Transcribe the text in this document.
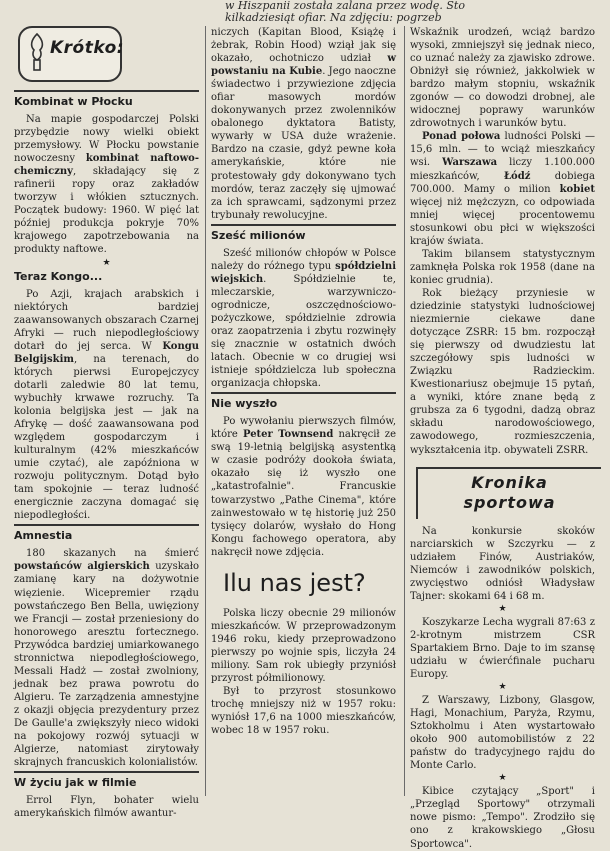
w Hiszpanii została zalana przez wodę. Sto
kilkadziesiąt ofiar. Na zdjęciu: pogrzeb
Krótko:
Kombinat w Płocku

Na mapie gospodarczej Polski przybędzie nowy wielki obiekt przemysłowy. W Płocku powstanie nowoczesny kombinat naftowo-chemiczny, składający się z rafinerii ropy oraz zakładów tworzyw i włókien sztucznych. Początek budowy: 1960. W pięć lat później produkcja pokryje 70% krajowego zapotrzebowania na produkty naftowe.

★
Teraz Kongo...

Po Azji, krajach arabskich i niektórych bardziej zaawansowanych obszarach Czarnej Afryki — ruch niepodległościowy dotarł do jej serca. W Kongu Belgijskim, na terenach, do których pierwsi Europejczycy dotarli zaledwie 80 lat temu, wybuchły krwawe rozruchy. Ta kolonia belgijska jest — jak na Afrykę — dość zaawansowana pod względem gospodarczym i kulturalnym (42% mieszkańców umie czytać), ale zapóźniona w rozwoju politycznym. Dotąd było tam spokojnie — teraz ludność energicznie zaczyna domagać się niepodległości.

Amnestia

180 skazanych na śmierć powstańców algierskich uzyskało zamianę kary na dożywotnie więzienie. Wicepremier rządu powstańczego Ben Bella, uwięziony we Francji — został przeniesiony do honorowego aresztu fortecznego. Przywódca bardziej umiarkowanego stronnictwa niepodległościowego, Messali Hadż — został zwolniony, jednak bez prawa powrotu do Algieru. Te zarządzenia amnestyjne z okazji objęcia prezydentury przez De Gaulle'a zwiększyły nieco widoki na pokojowy rozwój sytuacji w Algierze, natomiast zirytowały skrajnych francuskich kolonialistów.

W życiu jak w filmie

Errol Flyn, bohater wielu amerykańskich filmów awantur-

niczych (Kapitan Blood, Książę i żebrak, Robin Hood) wziął jak się okazało, ochotniczo udział w powstaniu na Kubie. Jego naoczne świadectwo i przywiezione zdjęcia ofiar masowych mordów dokonywanych przez zwolenników obalonego dyktatora Batisty, wywarły w USA duże wrażenie. Bardzo na czasie, gdyż pewne koła amerykańskie, które nie protestowały gdy dokonywano tych mordów, teraz zaczęły się ujmować za ich sprawcami, sądzonymi przez trybunały rewolucyjne.

Sześć milionów

Sześć milionów chłopów w Polsce należy do różnego typu spółdzielni wiejskich. Spółdzielnie te, mleczarskie, warzywniczo-ogrodnicze, oszczędnościowo-pożyczkowe, spółdzielnie zdrowia oraz zaopatrzenia i zbytu rozwinęły się znacznie w ostatnich dwóch latach. Obecnie w co drugiej wsi istnieje spółdzielcza lub społeczna organizacja chłopska.

Nie wyszło

Po wywołaniu pierwszych filmów, które Peter Townsend nakręcił ze swą 19-letnią belgijską asystentką w czasie podróży dookoła świata, okazało się iż wyszło one „katastrofalnie". Francuskie towarzystwo „Pathe Cinema", które zainwestowało w tę historię już 250 tysięcy dolarów, wysłało do Hong Kongu fachowego operatora, aby nakręcił nowe zdjęcia.

Ilu nas jest?

Polska liczy obecnie 29 milionów mieszkańców. W przeprowadzonym 1946 roku, kiedy przeprowadzono pierwszy po wojnie spis, liczyła 24 miliony. Sam rok ubiegły przyniósł przyrost półmilionowy.

Był to przyrost stosunkowo trochę mniejszy niż w 1957 roku: wyniósł 17,6 na 1000 mieszkańców, wobec 18 w 1957 roku.

Wskaźnik urodzeń, wciąż bardzo wysoki, zmniejszył się jednak nieco, co uznać należy za zjawisko zdrowe. Obniżył się również, jakkolwiek w bardzo małym stopniu, wskaźnik zgonów — co dowodzi drobnej, ale widocznej poprawy warunków zdrowotnych i warunków bytu.

Ponad połowa ludności Polski — 15,6 mln. — to wciąż mieszkańcy wsi. Warszawa liczy 1.100.000 mieszkańców, Łódź dobiega 700.000. Mamy o milion kobiet więcej niż mężczyzn, co odpowiada mniej więcej procentowemu stosunkowi obu płci w większości krajów świata.

Takim bilansem statystycznym zamknęła Polska rok 1958 (dane na koniec grudnia).

Rok bieżący przyniesie w dziedzinie statystyki ludnościowej niezmiernie ciekawe dane dotyczące ZSRR: 15 bm. rozpoczął się pierwszy od dwudziestu lat szczegółowy spis ludności w Związku Radzieckim. Kwestionariusz obejmuje 15 pytań, a wyniki, które znane będą z grubsza za 6 tygodni, dadzą obraz składu narodowościowego, zawodowego, rozmieszczenia, wykształcenia itp. obywateli ZSRR.

Kronika
sportowa

Na konkursie skoków narciarskich w Szczyrku — z udziałem Finów, Austriaków, Niemców i zawodników polskich, zwycięstwo odniósł Władysław Tajner: skokami 64 i 68 m.

★

Koszykarze Lecha wygrali 87:63 z 2-krotnym mistrzem CSR Spartakiem Brno. Daje to im szansę udziału w ćwierćfinale pucharu Europy.

★

Z Warszawy, Lizbony, Glasgow, Hagi, Monachium, Paryża, Rzymu, Sztokholmu i Aten wystartowało około 900 automobilistów z 22 państw do tradycyjnego rajdu do Monte Carlo.

★

Kibice czytający „Sport" i „Przegląd Sportowy" otrzymali nowe pismo: „Tempo". Zrodziło się ono z krakowskiego „Głosu Sportowca".
